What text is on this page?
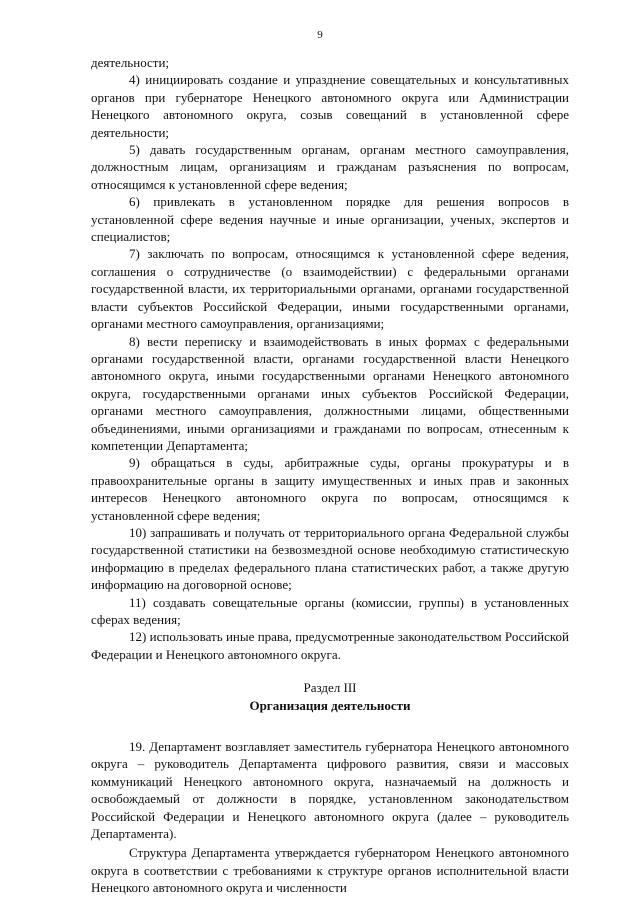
9

деятельности;

4) инициировать создание и упразднение совещательных и консультативных органов при губернаторе Ненецкого автономного округа или Администрации Ненецкого автономного округа, созыв совещаний в установленной сфере деятельности;

5) давать государственным органам, органам местного самоуправления, должностным лицам, организациям и гражданам разъяснения по вопросам, относящимся к установленной сфере ведения;

6) привлекать в установленном порядке для решения вопросов в установленной сфере ведения научные и иные организации, ученых, экспертов и специалистов;

7) заключать по вопросам, относящимся к установленной сфере ведения, соглашения о сотрудничестве (о взаимодействии) с федеральными органами государственной власти, их территориальными органами, органами государственной власти субъектов Российской Федерации, иными государственными органами, органами местного самоуправления, организациями;

8) вести переписку и взаимодействовать в иных формах с федеральными органами государственной власти, органами государственной власти Ненецкого автономного округа, иными государственными органами Ненецкого автономного округа, государственными органами иных субъектов Российской Федерации, органами местного самоуправления, должностными лицами, общественными объединениями, иными организациями и гражданами по вопросам, отнесенным к компетенции Департамента;

9) обращаться в суды, арбитражные суды, органы прокуратуры и в правоохранительные органы в защиту имущественных и иных прав и законных интересов Ненецкого автономного округа по вопросам, относящимся к установленной сфере ведения;

10) запрашивать и получать от территориального органа Федеральной службы государственной статистики на безвозмездной основе необходимую статистическую информацию в пределах федерального плана статистических работ, а также другую информацию на договорной основе;

11) создавать совещательные органы (комиссии, группы) в установленных сферах ведения;

12) использовать иные права, предусмотренные законодательством Российской Федерации и Ненецкого автономного округа.

Раздел III
Организация деятельности

19. Департамент возглавляет заместитель губернатора Ненецкого автономного округа – руководитель Департамента цифрового развития, связи и массовых коммуникаций Ненецкого автономного округа, назначаемый на должность и освобождаемый от должности в порядке, установленном законодательством Российской Федерации и Ненецкого автономного округа (далее – руководитель Департамента).

Структура Департамента утверждается губернатором Ненецкого автономного округа в соответствии с требованиями к структуре органов исполнительной власти Ненецкого автономного округа и численности
